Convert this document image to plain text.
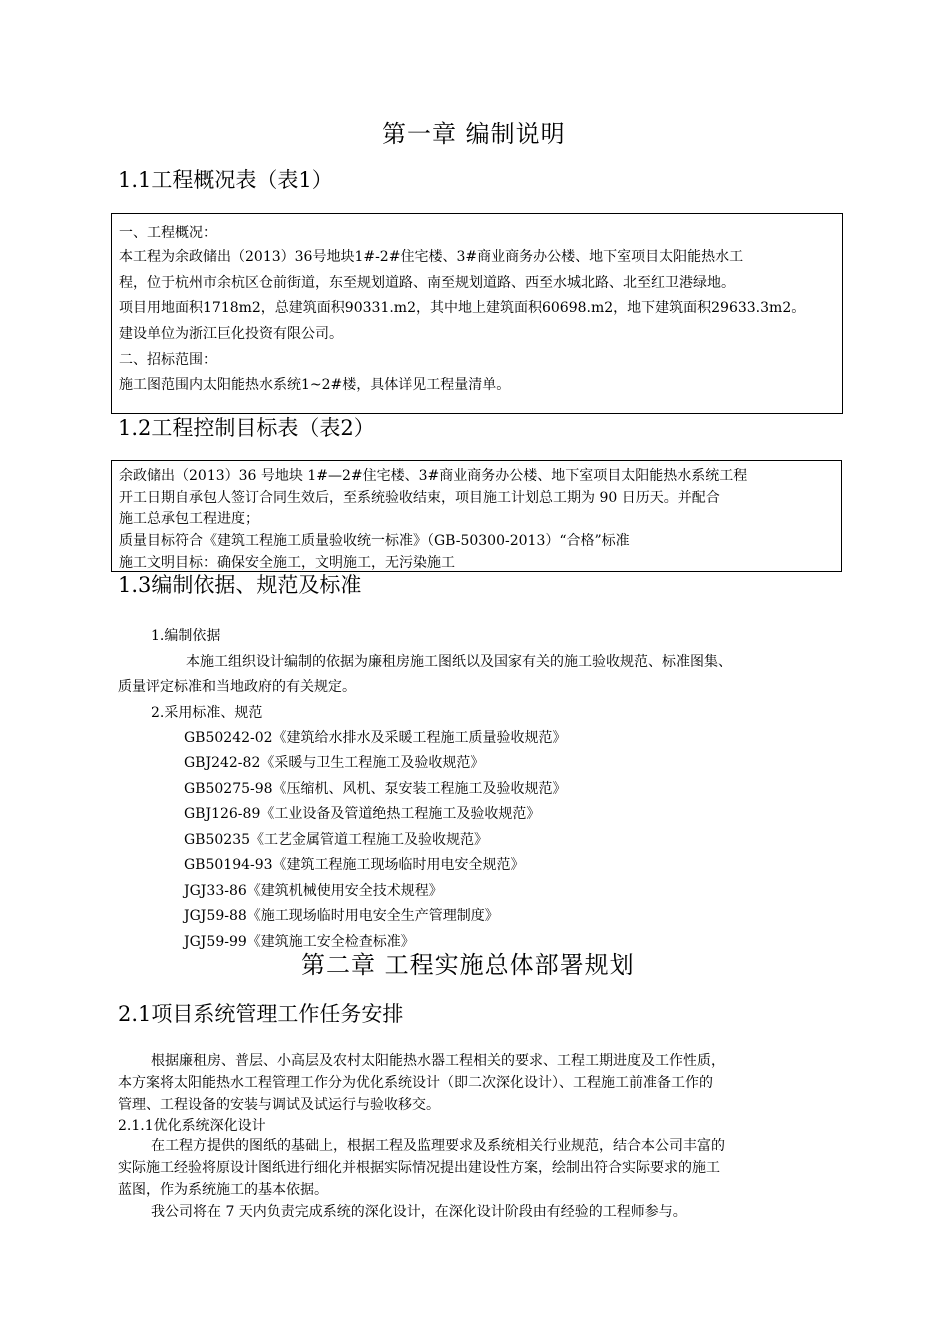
第一章 编制说明
1.1工程概况表（表1）
一、工程概况：
本工程为余政储出（2013）36号地块1#-2#住宅楼、3#商业商务办公楼、地下室项目太阳能热水工
程，位于杭州市余杭区仓前街道，东至规划道路、南至规划道路、西至水城北路、北至红卫港绿地。
项目用地面积1718m2，总建筑面积90331.m2，其中地上建筑面积60698.m2，地下建筑面积29633.3m2。
建设单位为浙江巨化投资有限公司。
二、招标范围：
施工图范围内太阳能热水系统1~2#楼，具体详见工程量清单。
1.2工程控制目标表（表2）
余政储出（2013）36 号地块 1#—2#住宅楼、3#商业商务办公楼、地下室项目太阳能热水系统工程
开工日期自承包人签订合同生效后，至系统验收结束，项目施工计划总工期为 90 日历天。并配合
施工总承包工程进度；
质量目标符合《建筑工程施工质量验收统一标准》（GB-50300-2013）“合格”标准
施工文明目标：确保安全施工，文明施工，无污染施工
1.3编制依据、规范及标准
1.编制依据
本施工组织设计编制的依据为廉租房施工图纸以及国家有关的施工验收规范、标准图集、
质量评定标准和当地政府的有关规定。
2.采用标准、规范
GB50242-02《建筑给水排水及采暖工程施工质量验收规范》
GBJ242-82《采暖与卫生工程施工及验收规范》
GB50275-98《压缩机、风机、泵安装工程施工及验收规范》
GBJ126-89《工业设备及管道绝热工程施工及验收规范》
GB50235《工艺金属管道工程施工及验收规范》
GB50194-93《建筑工程施工现场临时用电安全规范》
JGJ33-86《建筑机械使用安全技术规程》
JGJ59-88《施工现场临时用电安全生产管理制度》
JGJ59-99《建筑施工安全检查标准》
第二章 工程实施总体部署规划
2.1项目系统管理工作任务安排
根据廉租房、普层、小高层及农村太阳能热水器工程相关的要求、工程工期进度及工作性质，
本方案将太阳能热水工程管理工作分为优化系统设计（即二次深化设计）、工程施工前准备工作的
管理、工程设备的安装与调试及试运行与验收移交。
2.1.1优化系统深化设计
在工程方提供的图纸的基础上，根据工程及监理要求及系统相关行业规范，结合本公司丰富的
实际施工经验将原设计图纸进行细化并根据实际情况提出建设性方案，绘制出符合实际要求的施工
蓝图，作为系统施工的基本依据。
我公司将在 7 天内负责完成系统的深化设计，在深化设计阶段由有经验的工程师参与。
